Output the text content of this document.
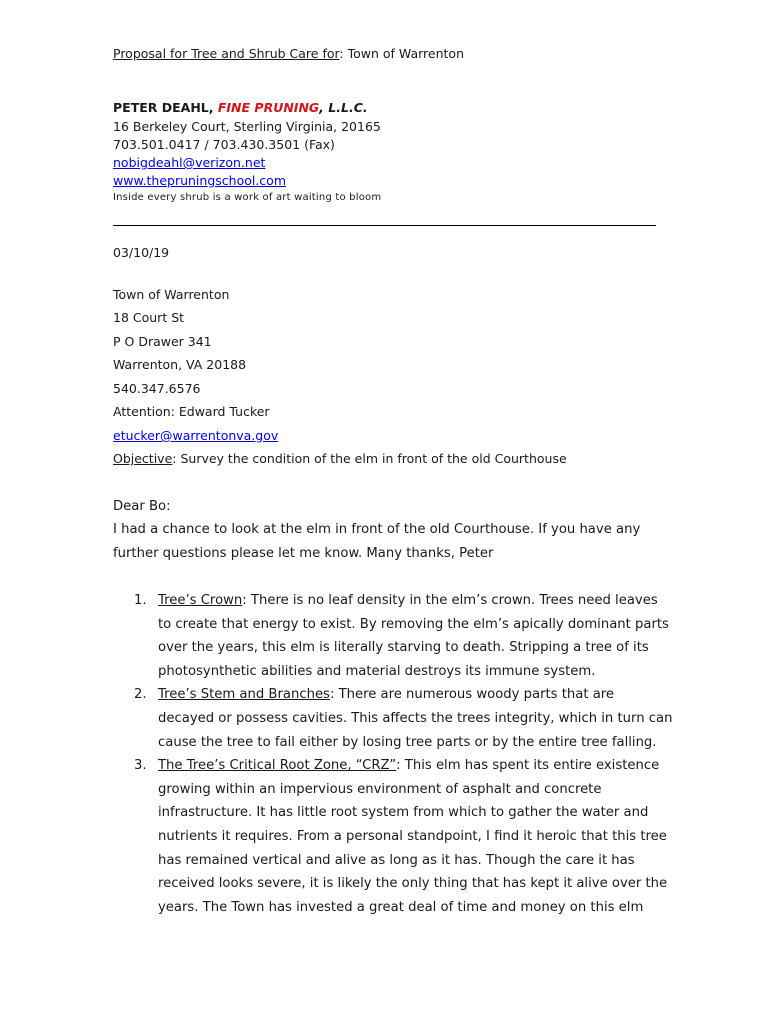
Proposal for Tree and Shrub Care for: Town of Warrenton
PETER DEAHL, FINE PRUNING, L.L.C.
16 Berkeley Court, Sterling Virginia, 20165
703.501.0417 / 703.430.3501 (Fax)
nobigdeahl@verizon.net
www.thepruningschool.com
Inside every shrub is a work of art waiting to bloom
03/10/19
Town of Warrenton
18 Court St
P O Drawer 341
Warrenton, VA 20188
540.347.6576
Attention: Edward Tucker
etucker@warrentonva.gov
Objective: Survey the condition of the elm in front of the old Courthouse
Dear Bo:
I had a chance to look at the elm in front of the old Courthouse. If you have any
further questions please let me know. Many thanks, Peter
1. Tree’s Crown: There is no leaf density in the elm’s crown. Trees need leaves to create that energy to exist. By removing the elm’s apically dominant parts over the years, this elm is literally starving to death. Stripping a tree of its photosynthetic abilities and material destroys its immune system.
2. Tree’s Stem and Branches: There are numerous woody parts that are decayed or possess cavities. This affects the trees integrity, which in turn can cause the tree to fail either by losing tree parts or by the entire tree falling.
3. The Tree’s Critical Root Zone, “CRZ”: This elm has spent its entire existence growing within an impervious environment of asphalt and concrete infrastructure. It has little root system from which to gather the water and nutrients it requires. From a personal standpoint, I find it heroic that this tree has remained vertical and alive as long as it has. Though the care it has received looks severe, it is likely the only thing that has kept it alive over the years. The Town has invested a great deal of time and money on this elm
